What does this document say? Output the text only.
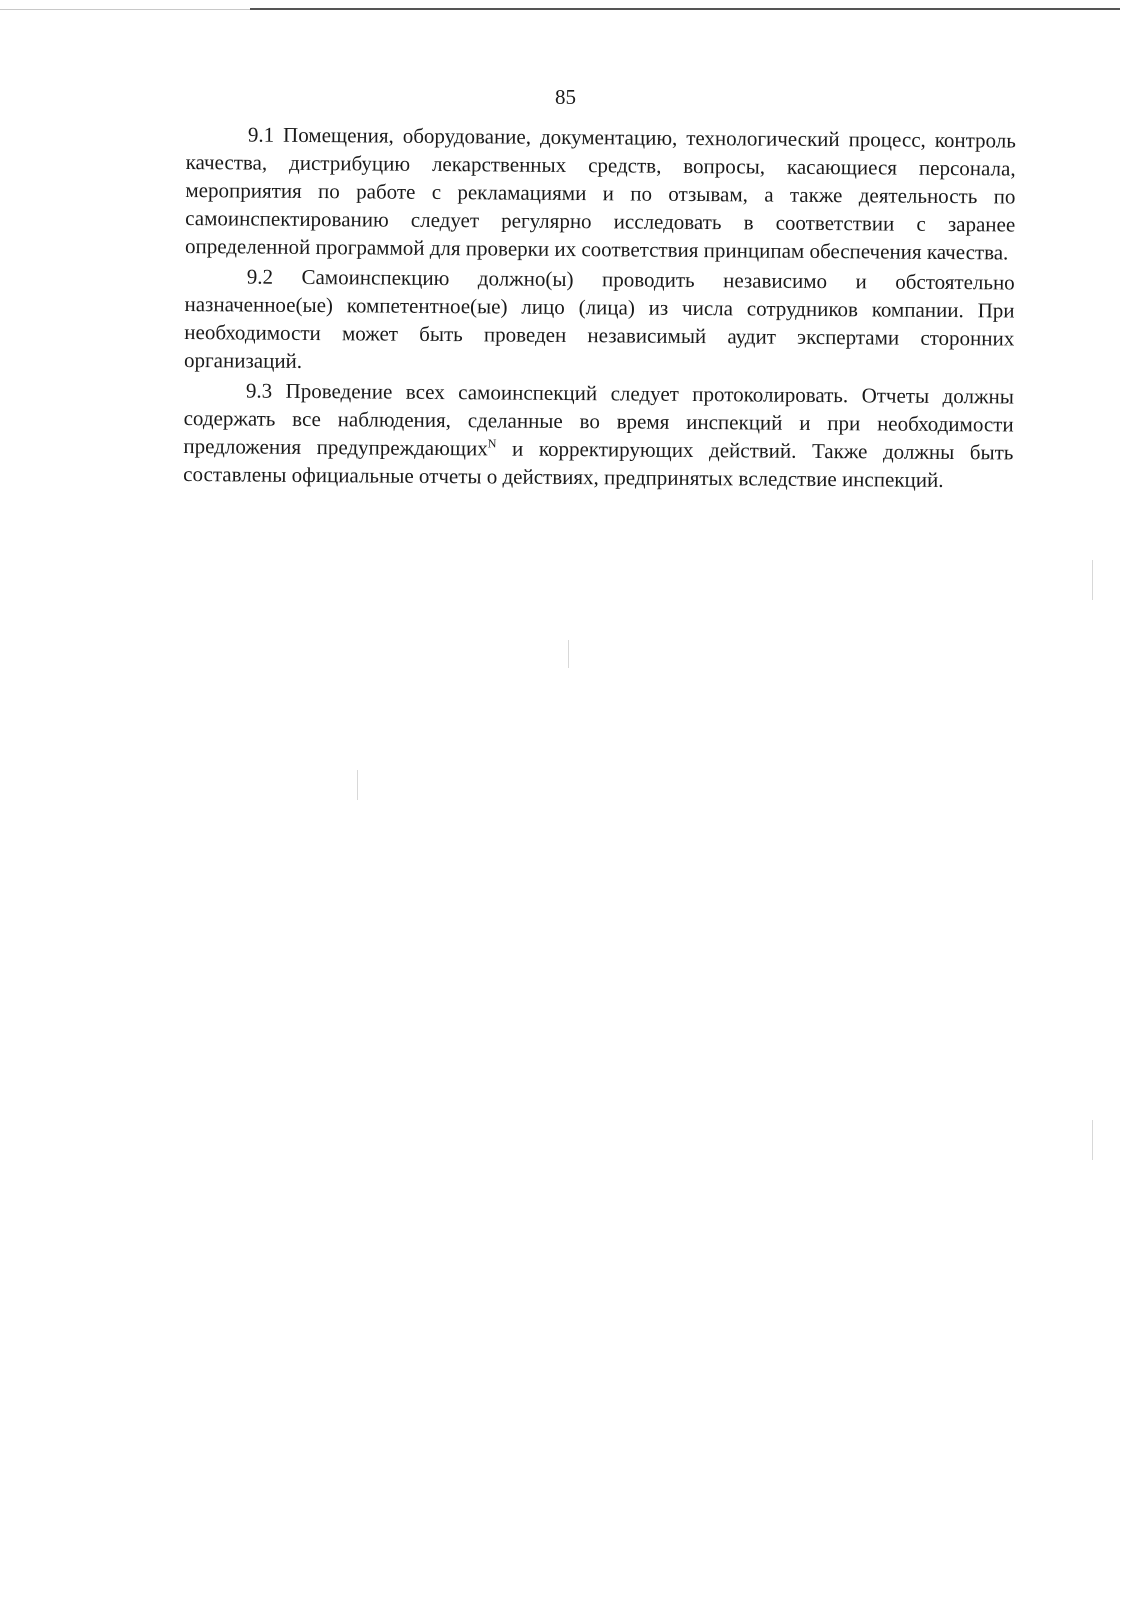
85

9.1 Помещения, оборудование, документацию, технологический процесс, контроль качества, дистрибуцию лекарственных средств, вопросы, касающиеся персонала, мероприятия по работе с рекламациями и по отзывам, а также деятельность по самоинспектированию следует регулярно исследовать в соответствии с заранее определенной программой для проверки их соответствия принципам обеспечения качества.

9.2 Самоинспекцию должно(ы) проводить независимо и обстоятельно назначенное(ые) компетентное(ые) лицо (лица) из числа сотрудников компании. При необходимости может быть проведен независимый аудит экспертами сторонних организаций.

9.3 Проведение всех самоинспекций следует протоколировать. Отчеты должны содержать все наблюдения, сделанные во время инспекций и при необходимости предложения предупреждающих$^N$ и корректирующих действий. Также должны быть составлены официальные отчеты о действиях, предпринятых вследствие инспекций.
